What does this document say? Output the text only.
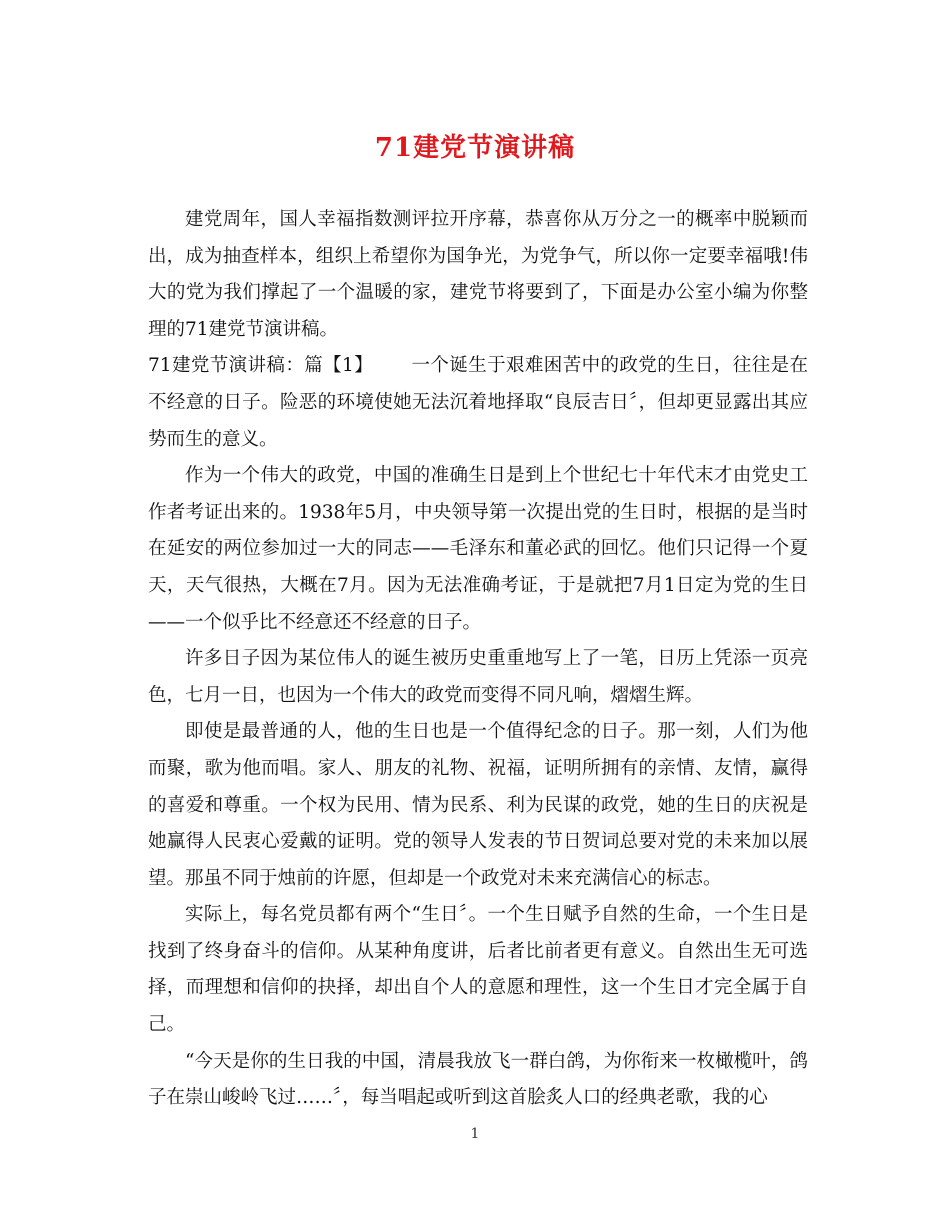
71建党节演讲稿

建党周年，国人幸福指数测评拉开序幕，恭喜你从万分之一的概率中脱颖而出，成为抽查样本，组织上希望你为国争光，为党争气，所以你一定要幸福哦!伟大的党为我们撑起了一个温暖的家，建党节将要到了，下面是办公室小编为你整理的71建党节演讲稿。

71建党节演讲稿：篇【1】 一个诞生于艰难困苦中的政党的生日，往往是在不经意的日子。险恶的环境使她无法沉着地择取“良辰吉日〞，但却更显露出其应势而生的意义。

作为一个伟大的政党，中国的准确生日是到上个世纪七十年代末才由党史工作者考证出来的。1938年5月，中央领导第一次提出党的生日时，根据的是当时在延安的两位参加过一大的同志——毛泽东和董必武的回忆。他们只记得一个夏天，天气很热，大概在7月。因为无法准确考证，于是就把7月1日定为党的生日——一个似乎比不经意还不经意的日子。

许多日子因为某位伟人的诞生被历史重重地写上了一笔，日历上凭添一页亮色，七月一日，也因为一个伟大的政党而变得不同凡响，熠熠生辉。

即使是最普通的人，他的生日也是一个值得纪念的日子。那一刻，人们为他而聚，歌为他而唱。家人、朋友的礼物、祝福，证明所拥有的亲情、友情，赢得的喜爱和尊重。一个权为民用、情为民系、利为民谋的政党，她的生日的庆祝是她赢得人民衷心爱戴的证明。党的领导人发表的节日贺词总要对党的未来加以展望。那虽不同于烛前的许愿，但却是一个政党对未来充满信心的标志。

实际上，每名党员都有两个“生日〞。一个生日赋予自然的生命，一个生日是找到了终身奋斗的信仰。从某种角度讲，后者比前者更有意义。自然出生无可选择，而理想和信仰的抉择，却出自个人的意愿和理性，这一个生日才完全属于自己。

“今天是你的生日我的中国，清晨我放飞一群白鸽，为你衔来一枚橄榄叶，鸽子在崇山峻岭飞过……〞，每当唱起或听到这首脍炙人口的经典老歌，我的心

1
